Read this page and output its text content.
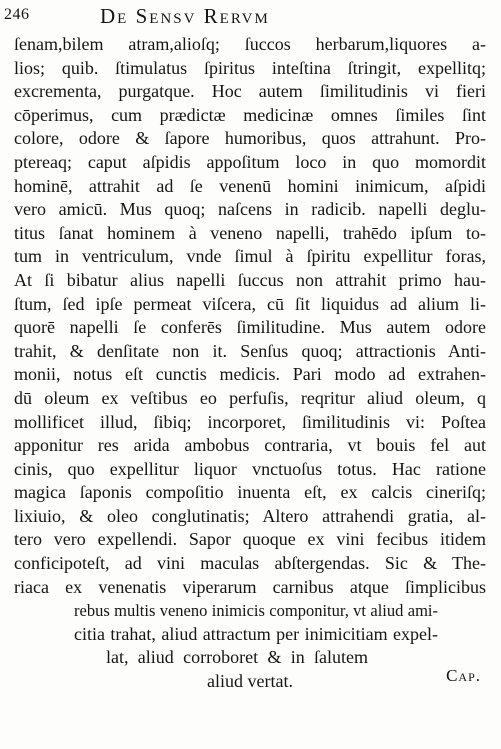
246	De Sensv Rervm
ſenam,bilem atram,alioſq; ſuccos herbarum,liquores a-
lios; quib. ſtimulatus ſpiritus inteſtina ſtringit, expellitq;
excrementa, purgatque. Hoc autem ſimilitudinis vi fieri
cōperimus, cum prædictæ medicinæ omnes ſimiles ſint
colore, odore & ſapore humoribus, quos attrahunt. Pro-
ptereaq; caput aſpidis appoſitum loco in quo momordit
hominē, attrahit ad ſe venenū homini inimicum, aſpidi
vero amicū. Mus quoq; naſcens in radicib. napelli deglu-
titus ſanat hominem à veneno napelli, trahēdo ipſum to-
tum in ventriculum, vnde ſimul à ſpiritu expellitur foras,
At ſi bibatur alius napelli ſuccus non attrahit primo hau-
ſtum, ſed ipſe permeat viſcera, cū ſit liquidus ad alium li-
quorē napelli ſe conferēs ſimilitudine. Mus autem odore
trahit, & denſitate non it. Senſus quoq; attractionis Anti-
monii, notus eſt cunctis medicis. Pari modo ad extrahen-
dū oleum ex veſtibus eo perfuſis, reqritur aliud oleum, q
mollificet illud, ſibiq; incorporet, ſimilitudinis vi: Poſtea
apponitur res arida ambobus contraria, vt bouis fel aut
cinis, quo expellitur liquor vnctuoſus totus. Hac ratione
magica ſaponis compoſitio inuenta eſt, ex calcis cineriſq;
lixiuio, & oleo conglutinatis; Altero attrahendi gratia, al-
tero vero expellendi. Sapor quoque ex vini fecibus itidem
conficipoteſt, ad vini maculas abſtergendas. Sic & The-
riaca ex venenatis viperarum carnibus atque ſimplicibus
rebus multis veneno inimicis componitur, vt aliud ami-
citia trahat, aliud attractum per inimicitiam expel-
lat, aliud corroboret & in ſalutem
aliud vertat.	Cap.
